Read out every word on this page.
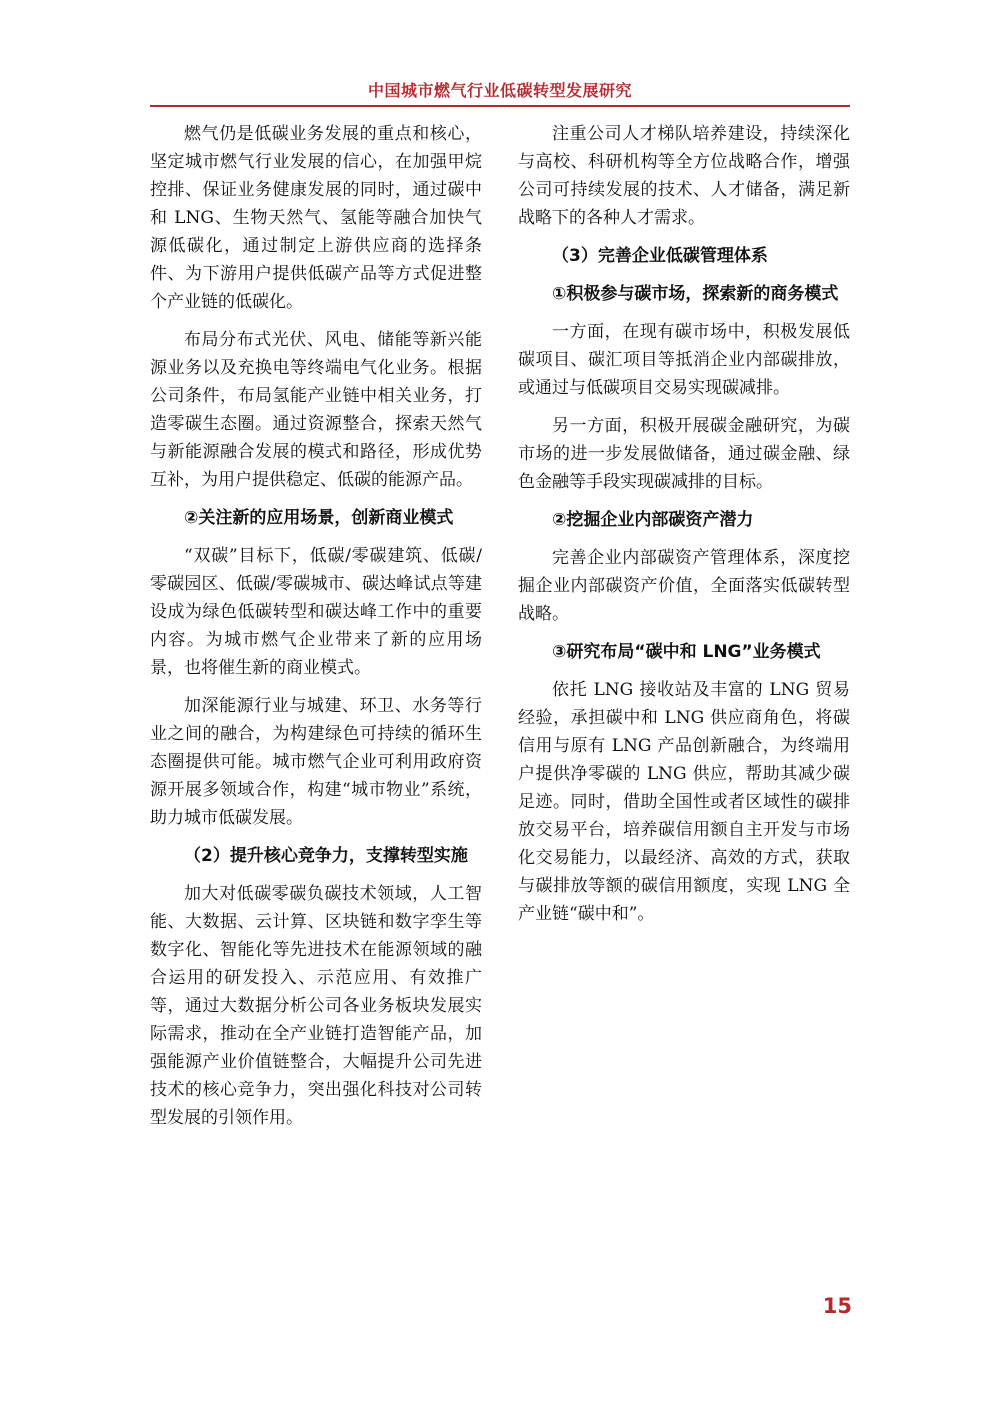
中国城市燃气行业低碳转型发展研究

燃气仍是低碳业务发展的重点和核心，坚定城市燃气行业发展的信心，在加强甲烷控排、保证业务健康发展的同时，通过碳中和 LNG、生物天然气、氢能等融合加快气源低碳化，通过制定上游供应商的选择条件、为下游用户提供低碳产品等方式促进整个产业链的低碳化。

布局分布式光伏、风电、储能等新兴能源业务以及充换电等终端电气化业务。根据公司条件，布局氢能产业链中相关业务，打造零碳生态圈。通过资源整合，探索天然气与新能源融合发展的模式和路径，形成优势互补，为用户提供稳定、低碳的能源产品。

②关注新的应用场景，创新商业模式

“双碳”目标下，低碳/零碳建筑、低碳/零碳园区、低碳/零碳城市、碳达峰试点等建设成为绿色低碳转型和碳达峰工作中的重要内容。为城市燃气企业带来了新的应用场景，也将催生新的商业模式。

加深能源行业与城建、环卫、水务等行业之间的融合，为构建绿色可持续的循环生态圈提供可能。城市燃气企业可利用政府资源开展多领域合作，构建“城市物业”系统，助力城市低碳发展。

（2）提升核心竞争力，支撑转型实施

加大对低碳零碳负碳技术领域，人工智能、大数据、云计算、区块链和数字孪生等数字化、智能化等先进技术在能源领域的融合运用的研发投入、示范应用、有效推广等，通过大数据分析公司各业务板块发展实际需求，推动在全产业链打造智能产品，加强能源产业价值链整合，大幅提升公司先进技术的核心竞争力，突出强化科技对公司转型发展的引领作用。

注重公司人才梯队培养建设，持续深化与高校、科研机构等全方位战略合作，增强公司可持续发展的技术、人才储备，满足新战略下的各种人才需求。

（3）完善企业低碳管理体系
①积极参与碳市场，探索新的商务模式

一方面，在现有碳市场中，积极发展低碳项目、碳汇项目等抵消企业内部碳排放，或通过与低碳项目交易实现碳减排。

另一方面，积极开展碳金融研究，为碳市场的进一步发展做储备，通过碳金融、绿色金融等手段实现碳减排的目标。

②挖掘企业内部碳资产潜力

完善企业内部碳资产管理体系，深度挖掘企业内部碳资产价值，全面落实低碳转型战略。

③研究布局“碳中和 LNG”业务模式

依托 LNG 接收站及丰富的 LNG 贸易经验，承担碳中和 LNG 供应商角色，将碳信用与原有 LNG 产品创新融合，为终端用户提供净零碳的 LNG 供应，帮助其减少碳足迹。同时，借助全国性或者区域性的碳排放交易平台，培养碳信用额自主开发与市场化交易能力，以最经济、高效的方式，获取与碳排放等额的碳信用额度，实现 LNG 全产业链“碳中和”。

15
